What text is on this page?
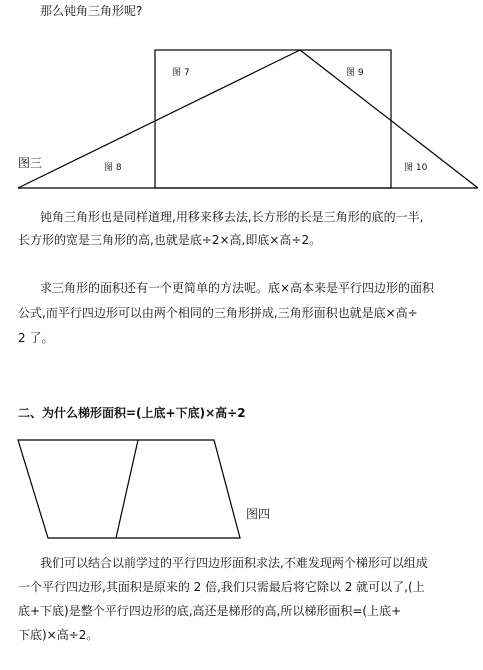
那么钝角三角形呢?
图 7	图 9
图 8	图 10
图三
钝角三角形也是同样道理,用移来移去法,长方形的长是三角形的底的一半,
长方形的宽是三角形的高,也就是底÷2×高,即底×高÷2。
求三角形的面积还有一个更简单的方法呢。底×高本来是平行四边形的面积
公式,而平行四边形可以由两个相同的三角形拼成,三角形面积也就是底×高÷
2 了。
二、为什么梯形面积=(上底+下底)×高÷2
图四
我们可以结合以前学过的平行四边形面积求法,不难发现两个梯形可以组成
一个平行四边形,其面积是原来的 2 倍,我们只需最后将它除以 2 就可以了,(上
底+下底)是整个平行四边形的底,高还是梯形的高,所以梯形面积=(上底+
下底)×高÷2。
